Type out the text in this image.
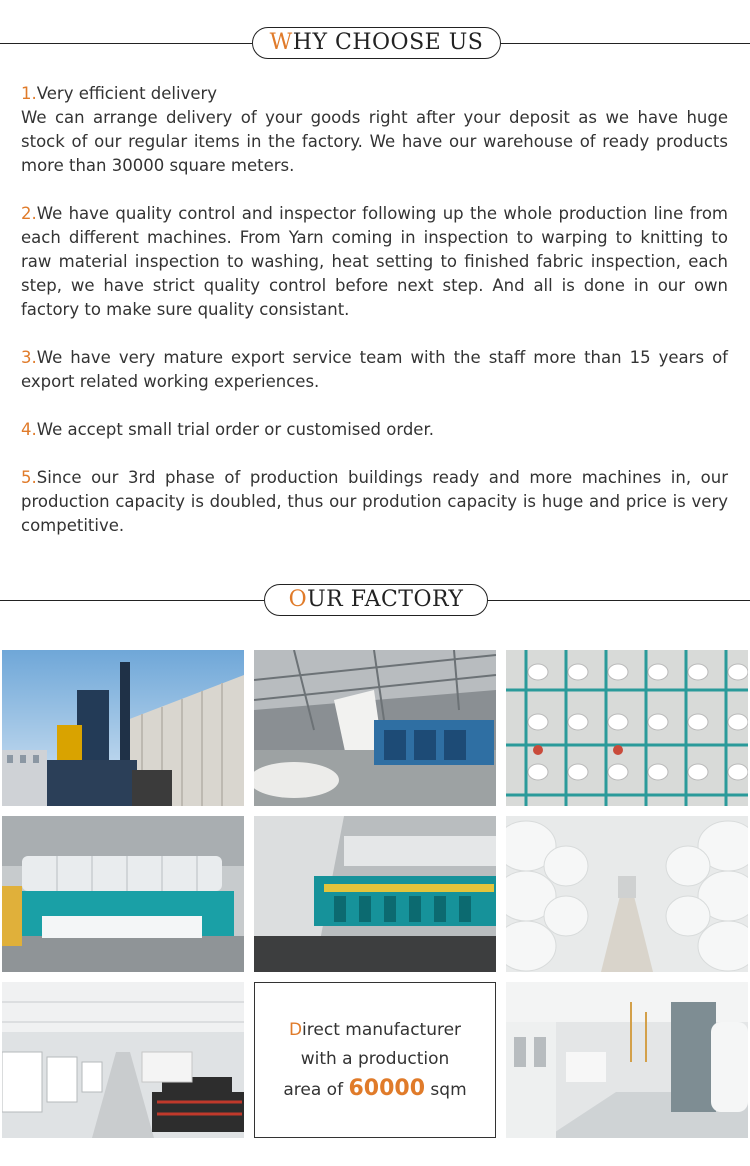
WHY CHOOSE US

1.Very efficient delivery
We can arrange delivery of your goods right after your deposit as we have huge stock of our regular items in the factory. We have our warehouse of ready products more than 30000 square meters.

2.We have quality control and inspector following up the whole production line from each different machines. From Yarn coming in inspection to warping to knitting to raw material inspection to washing, heat setting to finished fabric inspection, each step, we have strict quality control before next step. And all is done in our own factory to make sure quality consistant.

3.We have very mature export service team with the staff more than 15 years of export related working experiences.

4.We accept small trial order or customised order.

5.Since our 3rd phase of production buildings ready and more machines in, our production capacity is doubled, thus our prodution capacity is huge and price is very competitive.

OUR FACTORY
Direct manufacturer
with a production
area of 60000 sqm
